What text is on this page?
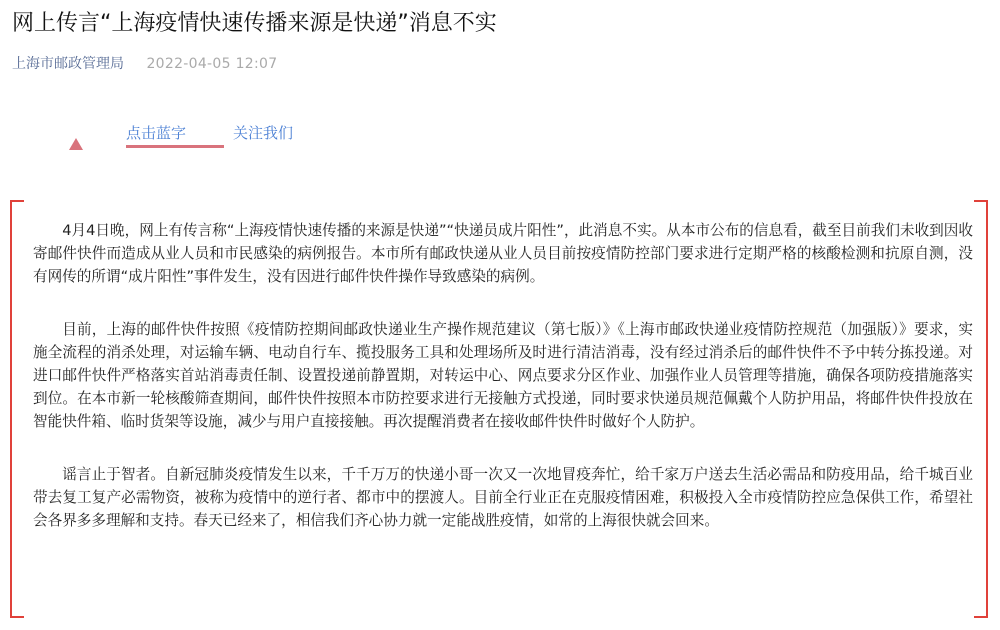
网上传言“上海疫情快速传播来源是快递”消息不实
上海市邮政管理局 2022-04-05 12:07
点击蓝字	关注我们

4月4日晚，网上有传言称“上海疫情快速传播的来源是快递”“快递员成片阳性”，此消息不实。从本市公布的信息看，截至目前我们未收到因收寄邮件快件而造成从业人员和市民感染的病例报告。本市所有邮政快递从业人员目前按疫情防控部门要求进行定期严格的核酸检测和抗原自测，没有网传的所谓“成片阳性”事件发生，没有因进行邮件快件操作导致感染的病例。

目前，上海的邮件快件按照《疫情防控期间邮政快递业生产操作规范建议（第七版）》《上海市邮政快递业疫情防控规范（加强版）》要求，实施全流程的消杀处理，对运输车辆、电动自行车、揽投服务工具和处理场所及时进行清洁消毒，没有经过消杀后的邮件快件不予中转分拣投递。对进口邮件快件严格落实首站消毒责任制、设置投递前静置期，对转运中心、网点要求分区作业、加强作业人员管理等措施，确保各项防疫措施落实到位。在本市新一轮核酸筛查期间，邮件快件按照本市防控要求进行无接触方式投递，同时要求快递员规范佩戴个人防护用品，将邮件快件投放在智能快件箱、临时货架等设施，减少与用户直接接触。再次提醒消费者在接收邮件快件时做好个人防护。

谣言止于智者。自新冠肺炎疫情发生以来，千千万万的快递小哥一次又一次地冒疫奔忙，给千家万户送去生活必需品和防疫用品，给千城百业带去复工复产必需物资，被称为疫情中的逆行者、都市中的摆渡人。目前全行业正在克服疫情困难，积极投入全市疫情防控应急保供工作，希望社会各界多多理解和支持。春天已经来了，相信我们齐心协力就一定能战胜疫情，如常的上海很快就会回来。
